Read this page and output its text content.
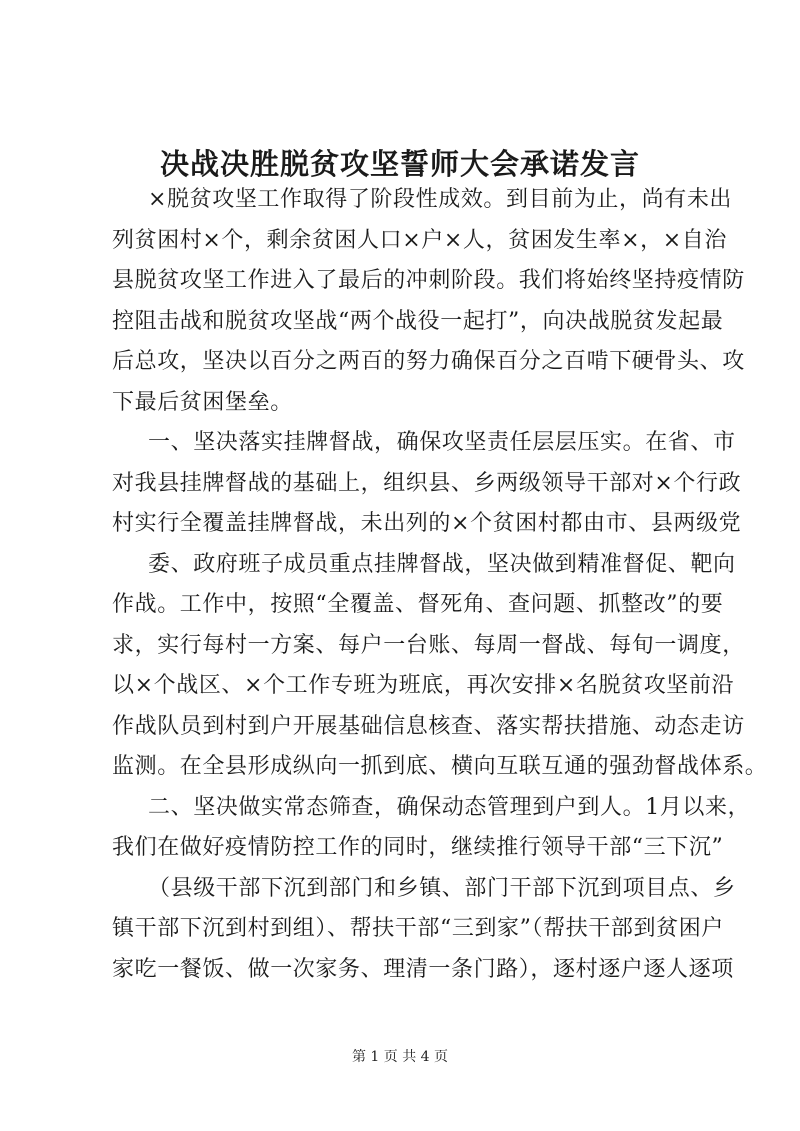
决战决胜脱贫攻坚誓师大会承诺发言
×脱贫攻坚工作取得了阶段性成效。到目前为止，尚有未出
列贫困村×个，剩余贫困人口×户×人，贫困发生率×，×自治
县脱贫攻坚工作进入了最后的冲刺阶段。我们将始终坚持疫情防
控阻击战和脱贫攻坚战“两个战役一起打”，向决战脱贫发起最
后总攻，坚决以百分之两百的努力确保百分之百啃下硬骨头、攻
下最后贫困堡垒。
一、坚决落实挂牌督战，确保攻坚责任层层压实。在省、市
对我县挂牌督战的基础上，组织县、乡两级领导干部对×个行政
村实行全覆盖挂牌督战，未出列的×个贫困村都由市、县两级党
委、政府班子成员重点挂牌督战，坚决做到精准督促、靶向
作战。工作中，按照“全覆盖、督死角、查问题、抓整改”的要
求，实行每村一方案、每户一台账、每周一督战、每旬一调度，
以×个战区、×个工作专班为班底，再次安排×名脱贫攻坚前沿
作战队员到村到户开展基础信息核查、落实帮扶措施、动态走访
监测。在全县形成纵向一抓到底、横向互联互通的强劲督战体系。
二、坚决做实常态筛查，确保动态管理到户到人。1月以来，
我们在做好疫情防控工作的同时，继续推行领导干部“三下沉”
（县级干部下沉到部门和乡镇、部门干部下沉到项目点、乡
镇干部下沉到村到组）、帮扶干部“三到家”（帮扶干部到贫困户
家吃一餐饭、做一次家务、理清一条门路），逐村逐户逐人逐项
第 1 页 共 4 页
